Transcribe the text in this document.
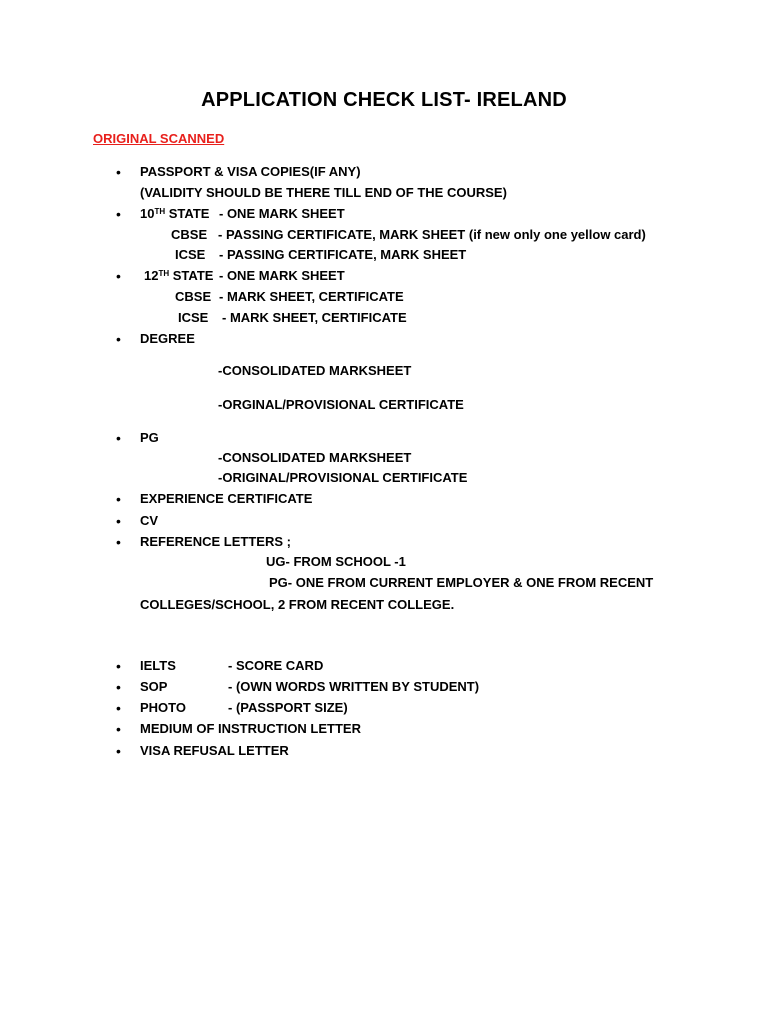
APPLICATION CHECK LIST- IRELAND
ORIGINAL SCANNED
• PASSPORT & VISA COPIES(IF ANY)
(VALIDITY SHOULD BE THERE TILL END OF THE COURSE)
• 10TH STATE - ONE MARK SHEET
CBSE - PASSING CERTIFICATE, MARK SHEET (if new only one yellow card)
ICSE - PASSING CERTIFICATE, MARK SHEET
• 12TH STATE - ONE MARK SHEET
CBSE - MARK SHEET, CERTIFICATE
ICSE - MARK SHEET, CERTIFICATE
• DEGREE
-CONSOLIDATED MARKSHEET
-ORGINAL/PROVISIONAL CERTIFICATE
• PG
-CONSOLIDATED MARKSHEET
-ORIGINAL/PROVISIONAL CERTIFICATE
• EXPERIENCE CERTIFICATE
• CV
• REFERENCE LETTERS ;
UG- FROM SCHOOL -1
PG- ONE FROM CURRENT EMPLOYER & ONE FROM RECENT
COLLEGES/SCHOOL, 2 FROM RECENT COLLEGE.
• IELTS	- SCORE CARD
• SOP	- (OWN WORDS WRITTEN BY STUDENT)
• PHOTO	- (PASSPORT SIZE)
• MEDIUM OF INSTRUCTION LETTER
• VISA REFUSAL LETTER
